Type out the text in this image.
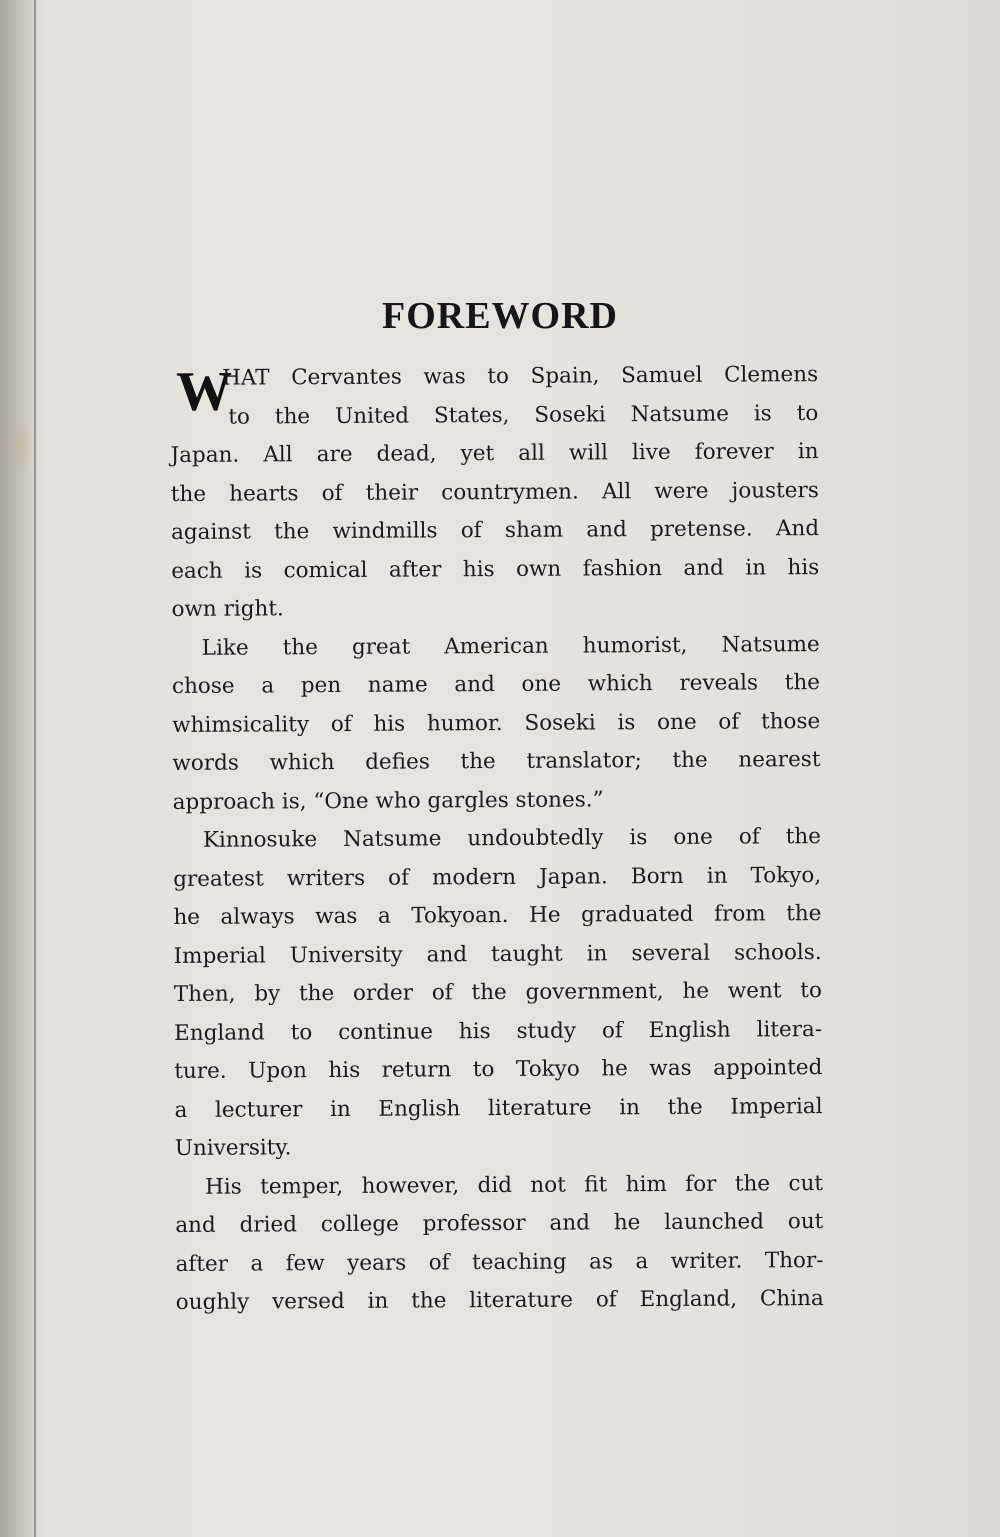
FOREWORD
W
HAT Cervantes was to Spain, Samuel Clemens
to the United States, Soseki Natsume is to
Japan. All are dead, yet all will live forever in
the hearts of their countrymen. All were jousters
against the windmills of sham and pretense. And
each is comical after his own fashion and in his
own right.
Like the great American humorist, Natsume
chose a pen name and one which reveals the
whimsicality of his humor. Soseki is one of those
words which defies the translator; the nearest
approach is, “One who gargles stones.”
Kinnosuke Natsume undoubtedly is one of the
greatest writers of modern Japan. Born in Tokyo,
he always was a Tokyoan. He graduated from the
Imperial University and taught in several schools.
Then, by the order of the government, he went to
England to continue his study of English litera-
ture. Upon his return to Tokyo he was appointed
a lecturer in English literature in the Imperial
University.
His temper, however, did not fit him for the cut
and dried college professor and he launched out
after a few years of teaching as a writer. Thor-
oughly versed in the literature of England, China
